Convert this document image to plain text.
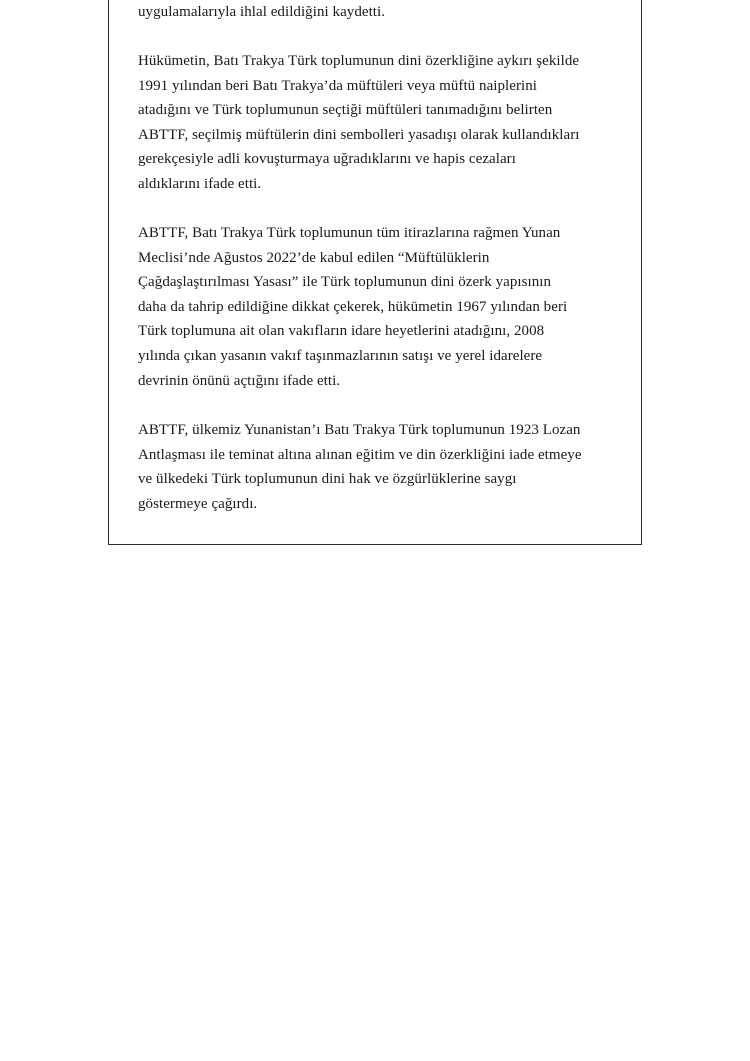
uygulamalarıyla ihlal edildiğini kaydetti.

Hükümetin, Batı Trakya Türk toplumunun dini özerkliğine aykırı şekilde
1991 yılından beri Batı Trakya’da müftüleri veya müftü naiplerini
atadığını ve Türk toplumunun seçtiği müftüleri tanımadığını belirten
ABTTF, seçilmiş müftülerin dini sembolleri yasadışı olarak kullandıkları
gerekçesiyle adli kovuşturmaya uğradıklarını ve hapis cezaları
aldıklarını ifade etti.

ABTTF, Batı Trakya Türk toplumunun tüm itirazlarına rağmen Yunan
Meclisi’nde Ağustos 2022’de kabul edilen “Müftülüklerin
Çağdaşlaştırılması Yasası” ile Türk toplumunun dini özerk yapısının
daha da tahrip edildiğine dikkat çekerek, hükümetin 1967 yılından beri
Türk toplumuna ait olan vakıfların idare heyetlerini atadığını, 2008
yılında çıkan yasanın vakıf taşınmazlarının satışı ve yerel idarelere
devrinin önünü açtığını ifade etti.

ABTTF, ülkemiz Yunanistan’ı Batı Trakya Türk toplumunun 1923 Lozan
Antlaşması ile teminat altına alınan eğitim ve din özerkliğini iade etmeye
ve ülkedeki Türk toplumunun dini hak ve özgürlüklerine saygı
göstermeye çağırdı.
